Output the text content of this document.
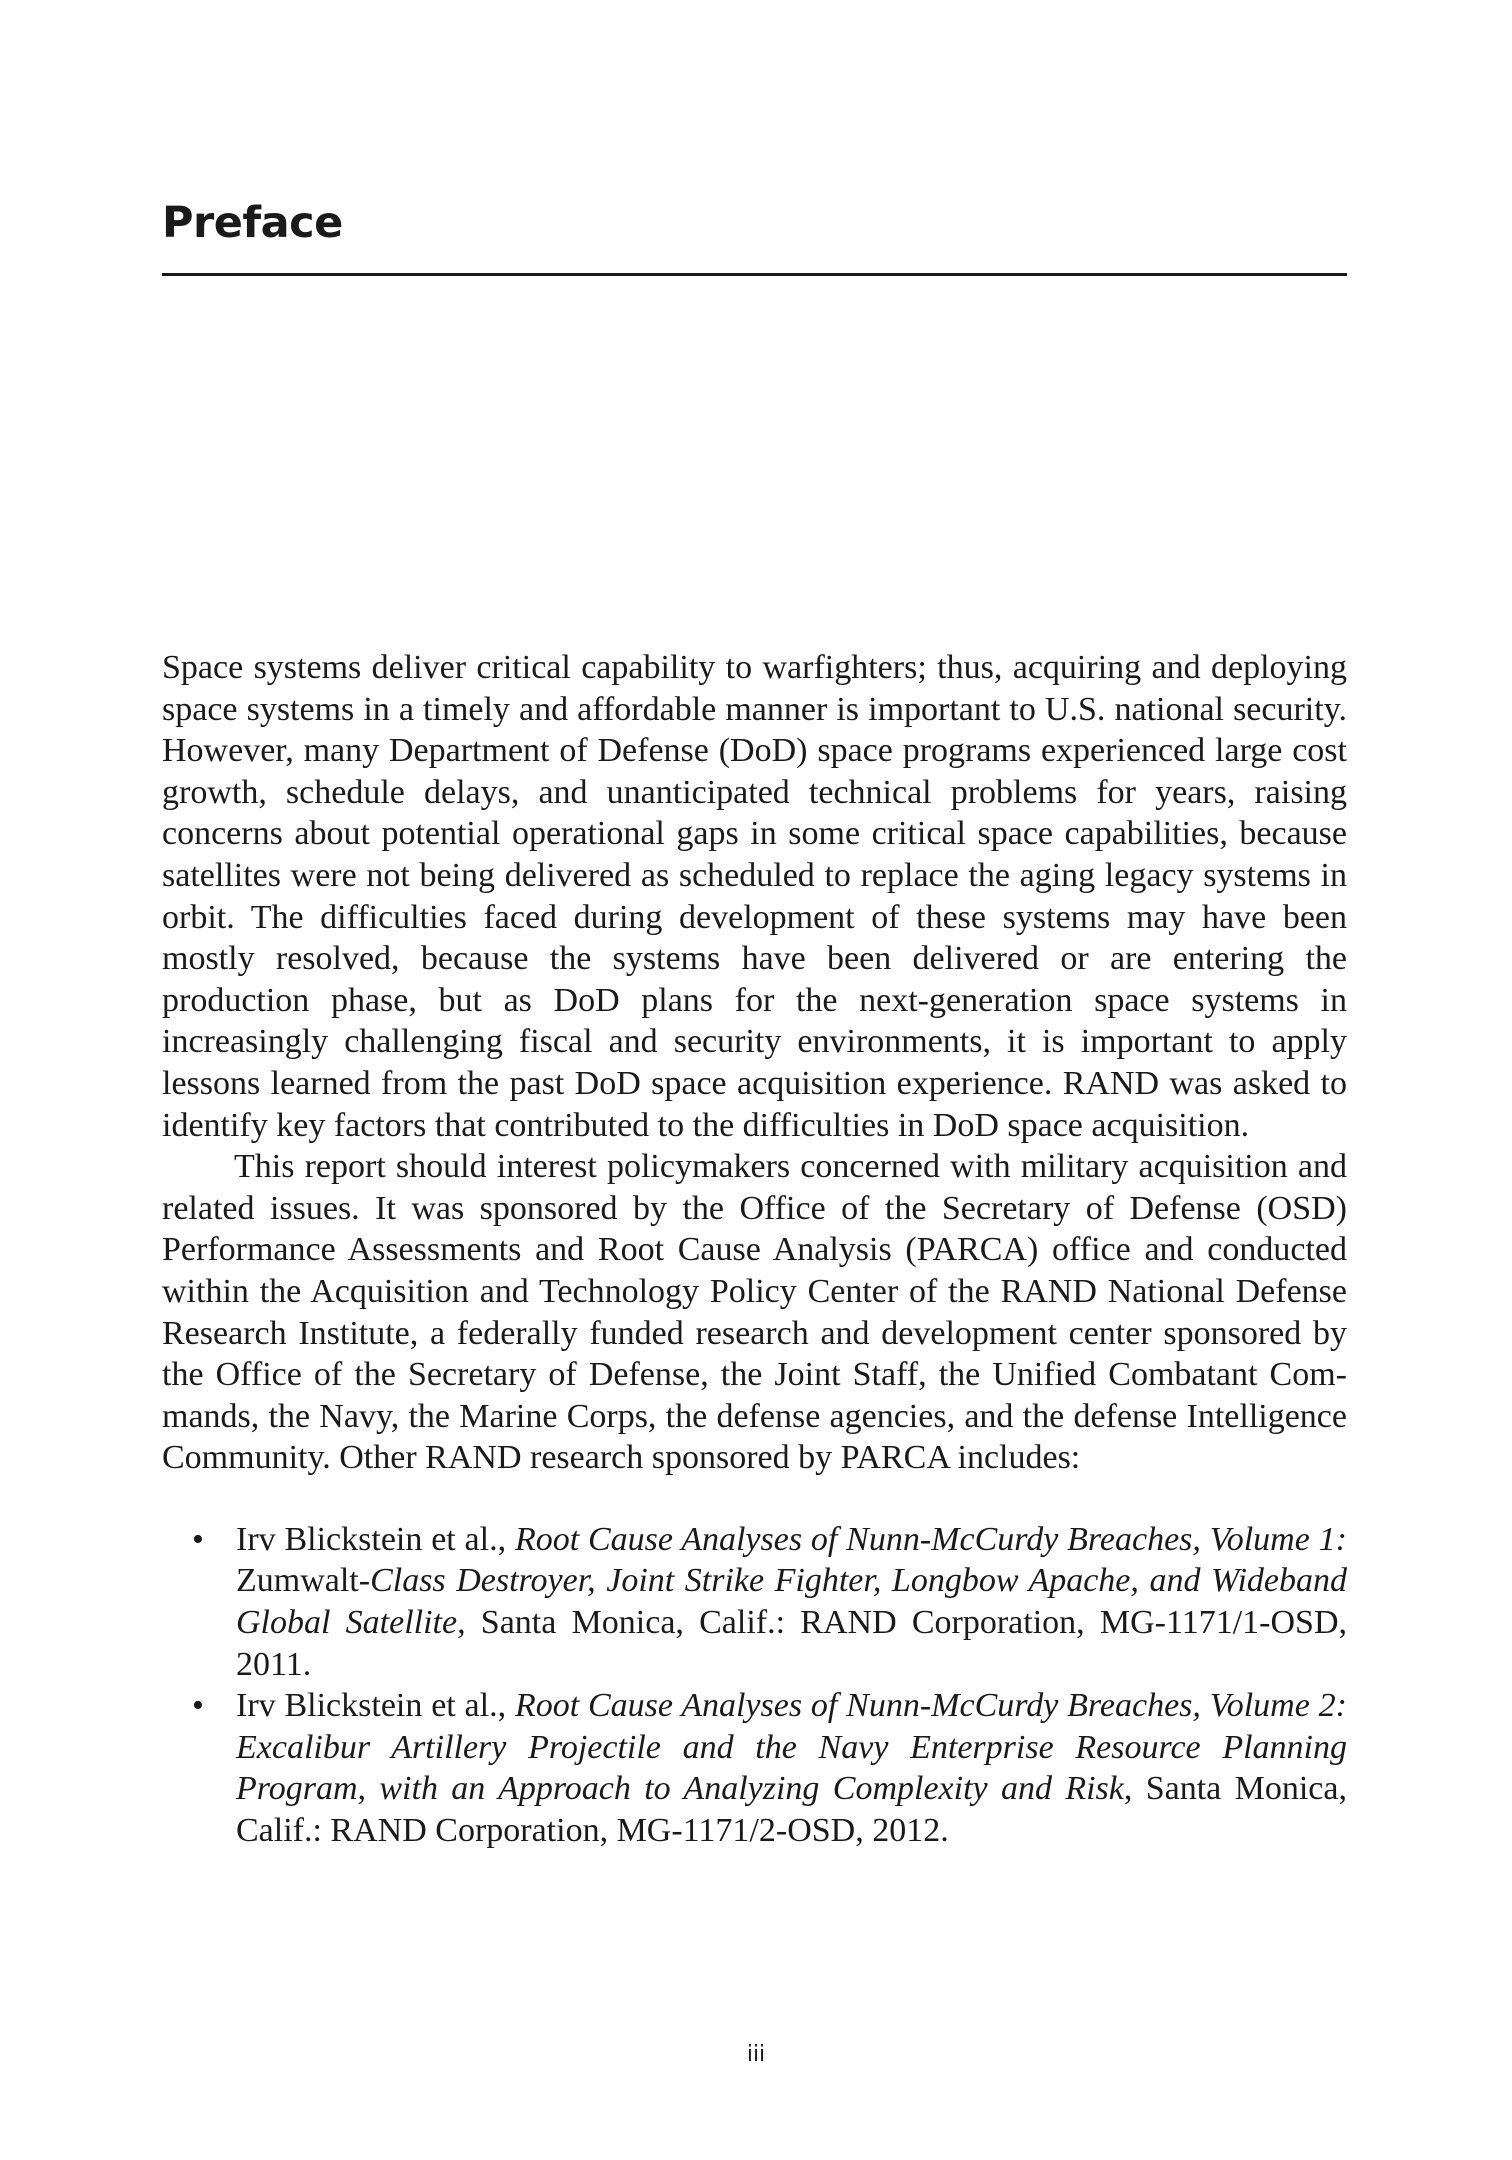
Preface

Space systems deliver critical capability to warfighters; thus, acquiring and deploying space systems in a timely and affordable manner is important to U.S. national security. However, many Department of Defense (DoD) space programs experienced large cost growth, schedule delays, and unanticipated technical problems for years, raising concerns about potential operational gaps in some critical space capabilities, because satellites were not being delivered as scheduled to replace the aging legacy systems in orbit. The difficulties faced during development of these systems may have been mostly resolved, because the systems have been delivered or are entering the production phase, but as DoD plans for the next-generation space systems in increasingly challenging fiscal and security environments, it is important to apply lessons learned from the past DoD space acquisition experience. RAND was asked to identify key factors that contributed to the difficulties in DoD space acquisition.

This report should interest policymakers concerned with military acquisition and related issues. It was sponsored by the Office of the Secretary of Defense (OSD) Performance Assessments and Root Cause Analysis (PARCA) office and conducted within the Acquisition and Technology Policy Center of the RAND National Defense Research Institute, a federally funded research and development center sponsored by the Office of the Secretary of Defense, the Joint Staff, the Unified Combatant Commands, the Navy, the Marine Corps, the defense agencies, and the defense Intelligence Community. Other RAND research sponsored by PARCA includes:

• Irv Blickstein et al., Root Cause Analyses of Nunn-McCurdy Breaches, Volume 1: Zumwalt-Class Destroyer, Joint Strike Fighter, Longbow Apache, and Wideband Global Satellite, Santa Monica, Calif.: RAND Corporation, MG-1171/1-OSD, 2011.
• Irv Blickstein et al., Root Cause Analyses of Nunn-McCurdy Breaches, Volume 2: Excalibur Artillery Projectile and the Navy Enterprise Resource Planning Program, with an Approach to Analyzing Complexity and Risk, Santa Monica, Calif.: RAND Corporation, MG-1171/2-OSD, 2012.
iii
